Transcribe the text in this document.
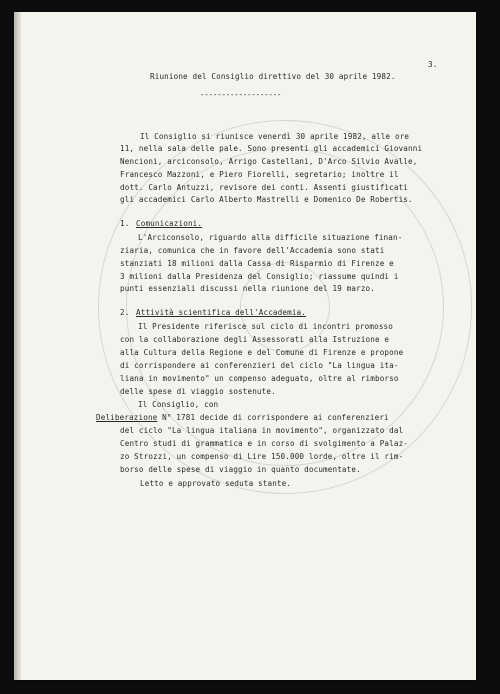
3.
Riunione del Consiglio direttivo del 30 aprile 1982.
-------------------
Il Consiglio si riunisce venerdì 30 aprile 1982, alle ore
11, nella sala delle pale. Sono presenti gli accademici Giovanni
Nencioni, arciconsolo, Arrigo Castellani, D'Arco Silvio Avalle,
Francesco Mazzoni, e Piero Fiorelli, segretario; inoltre il
dott. Carlo Antuzzi, revisore dei conti. Assenti giustificati
gli accademici Carlo Alberto Mastrelli e Domenico De Robertis.
1. Comunicazioni.
L'Arciconsolo, riguardo alla difficile situazione finan-
ziaria, comunica che in favore dell'Accademia sono stati
stanziati 18 milioni dalla Cassa di Risparmio di Firenze e
3 milioni dalla Presidenza del Consiglio; riassume quindi i
punti essenziali discussi nella riunione del 19 marzo.
2. Attività scientifica dell'Accademia.
Il Presidente riferisce sul ciclo di incontri promosso
con la collaborazione degli Assessorati alla Istruzione e
alla Cultura della Regione e del Comune di Firenze e propone
di corrispondere ai conferenzieri del ciclo "La lingua ita-
liana in movimento" un compenso adeguato, oltre al rimborso
delle spese di viaggio sostenute.
Il Consiglio, con
Deliberazione N° 1781 decide di corrispondere ai conferenzieri
del ciclo "La lingua italiana in movimento", organizzato dal
Centro studi di grammatica e in corso di svolgimento a Palaz-
zo Strozzi, un compenso di Lire 150.000 lorde, oltre il rim-
borso delle spese di viaggio in quanto documentate.
Letto e approvato seduta stante.
